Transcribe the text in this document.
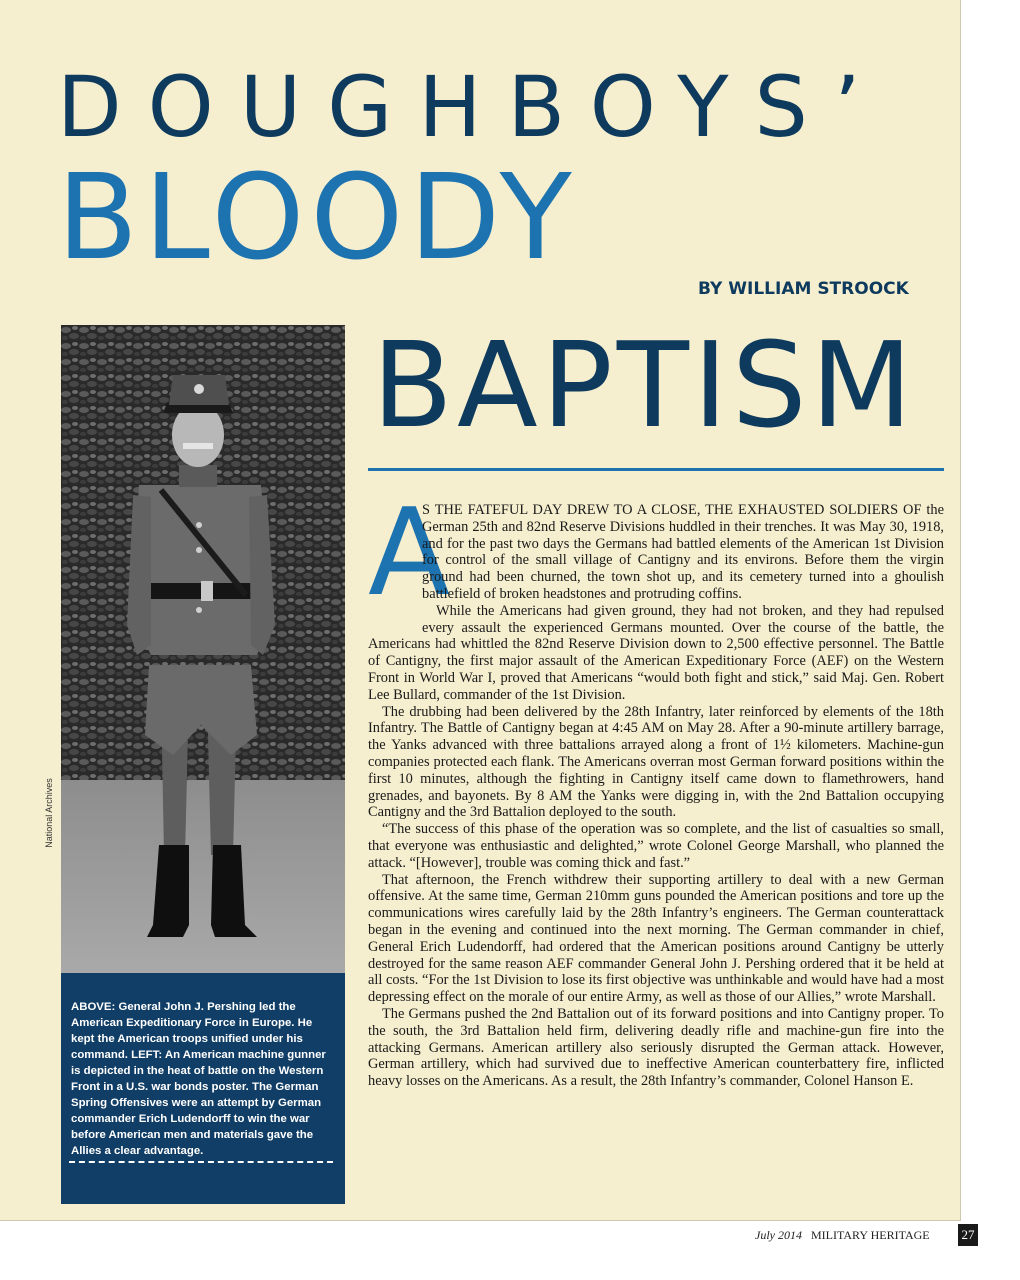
DOUGHBOYS’
BLOODY
BY WILLIAM STROOCK
BAPTISM
National Archives

ABOVE: General John J. Pershing led the American Expeditionary Force in Europe. He kept the American troops unified under his command. LEFT: An American machine gunner is depicted in the heat of battle on the Western Front in a U.S. war bonds poster. The German Spring Offensives were an attempt by German commander Erich Ludendorff to win the war before American men and materials gave the Allies a clear advantage.

A

S THE FATEFUL DAY DREW TO A CLOSE, THE EXHAUSTED SOLDIERS OF the German 25th and 82nd Reserve Divisions huddled in their trenches. It was May 30, 1918, and for the past two days the Germans had battled elements of the American 1st Division for control of the small village of Cantigny and its environs. Before them the virgin ground had been churned, the town shot up, and its cemetery turned into a ghoulish battlefield of broken headstones and protruding coffins.

While the Americans had given ground, they had not broken, and they had repulsed every assault the experienced Germans mounted. Over the course of the battle, the Americans had whittled the 82nd Reserve Division down to 2,500 effective personnel. The Battle of Cantigny, the first major assault of the American Expeditionary Force (AEF) on the Western Front in World War I, proved that Americans “would both fight and stick,” said Maj. Gen. Robert Lee Bullard, commander of the 1st Division.

The drubbing had been delivered by the 28th Infantry, later reinforced by elements of the 18th Infantry. The Battle of Cantigny began at 4:45 AM on May 28. After a 90-minute artillery barrage, the Yanks advanced with three battalions arrayed along a front of 1½ kilometers. Machine-gun companies protected each flank. The Americans overran most German forward positions within the first 10 minutes, although the fighting in Cantigny itself came down to flamethrowers, hand grenades, and bayonets. By 8 AM the Yanks were digging in, with the 2nd Battalion occupying Cantigny and the 3rd Battalion deployed to the south.

“The success of this phase of the operation was so complete, and the list of casualties so small, that everyone was enthusiastic and delighted,” wrote Colonel George Marshall, who planned the attack. “[However], trouble was coming thick and fast.”

That afternoon, the French withdrew their supporting artillery to deal with a new German offensive. At the same time, German 210mm guns pounded the American positions and tore up the communications wires carefully laid by the 28th Infantry’s engineers. The German counterattack began in the evening and continued into the next morning. The German commander in chief, General Erich Ludendorff, had ordered that the American positions around Cantigny be utterly destroyed for the same reason AEF commander General John J. Pershing ordered that it be held at all costs. “For the 1st Division to lose its first objective was unthinkable and would have had a most depressing effect on the morale of our entire Army, as well as those of our Allies,” wrote Marshall.

The Germans pushed the 2nd Battalion out of its forward positions and into Cantigny proper. To the south, the 3rd Battalion held firm, delivering deadly rifle and machine-gun fire into the attacking Germans. American artillery also seriously disrupted the German attack. However, German artillery, which had survived due to ineffective American counterbattery fire, inflicted heavy losses on the Americans. As a result, the 28th Infantry’s commander, Colonel Hanson E.

July 2014 MILITARY HERITAGE 27
